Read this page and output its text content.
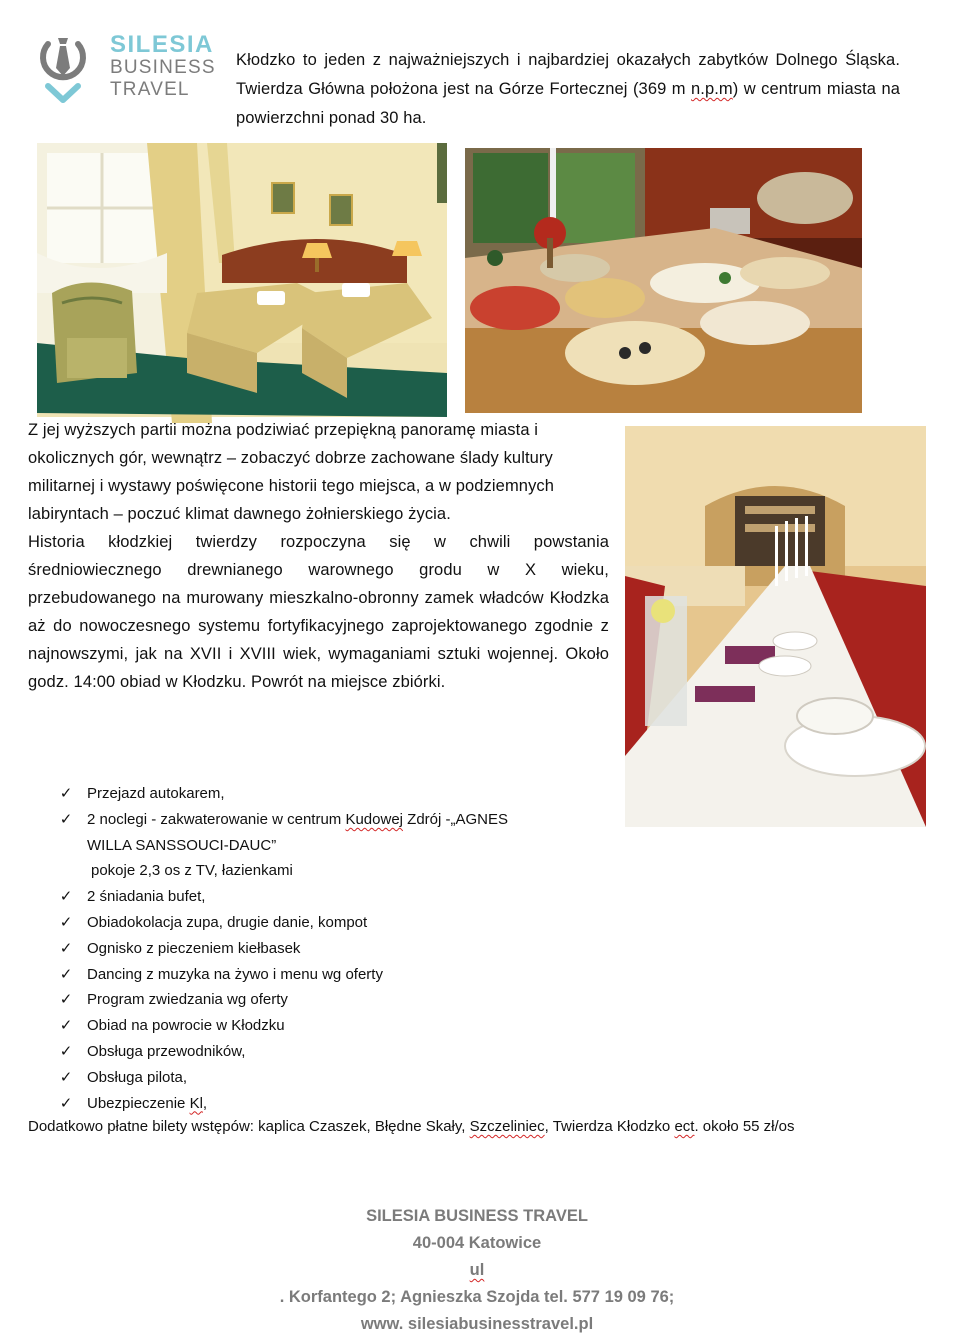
SILESIA
BUSINESS
TRAVEL

Kłodzko to jeden z najważniejszych i najbardziej okazałych zabytków Dolnego Śląska. Twierdza Główna położona jest na Górze Fortecznej (369 m n.p.m) w centrum miasta na powierzchni ponad 30 ha.

Z jej wyższych partii można podziwiać przepiękną panoramę miasta i okolicznych gór, wewnątrz – zobaczyć dobrze zachowane ślady kultury militarnej i wystawy poświęcone historii tego miejsca, a w podziemnych labiryntach – poczuć klimat dawnego żołnierskiego życia.
Historia kłodzkiej twierdzy rozpoczyna się w chwili powstania średniowiecznego drewnianego warownego grodu w X wieku, przebudowanego na murowany mieszkalno-obronny zamek władców Kłodzka aż do nowoczesnego systemu fortyfikacyjnego zaprojektowanego zgodnie z najnowszymi, jak na XVII i XVIII wiek, wymaganiami sztuki wojennej. Około godz. 14:00 obiad w Kłodzku. Powrót na miejsce zbiórki.
✓ Przejazd autokarem,
✓ 2 noclegi - zakwaterowanie w centrum Kudowej Zdrój -„AGNES
WILLA SANSSOUCI-DAUC”
pokoje 2,3 os z TV, łazienkami
✓ 2 śniadania bufet,
✓ Obiadokolacja zupa, drugie danie, kompot
✓ Ognisko z pieczeniem kiełbasek
✓ Dancing z muzyka na żywo i menu wg oferty
✓ Program zwiedzania wg oferty
✓ Obiad na powrocie w Kłodzku
✓ Obsługa przewodników,
✓ Obsługa pilota,
✓ Ubezpieczenie Kl,

Dodatkowo płatne bilety wstępów: kaplica Czaszek, Błędne Skały, Szczeliniec, Twierdza Kłodzko ect. około 55 zł/os

SILESIA BUSINESS TRAVEL
40-004 Katowice
ul
. Korfantego 2; Agnieszka Szojda tel. 577 19 09 76;
www. silesiabusinesstravel.pl
